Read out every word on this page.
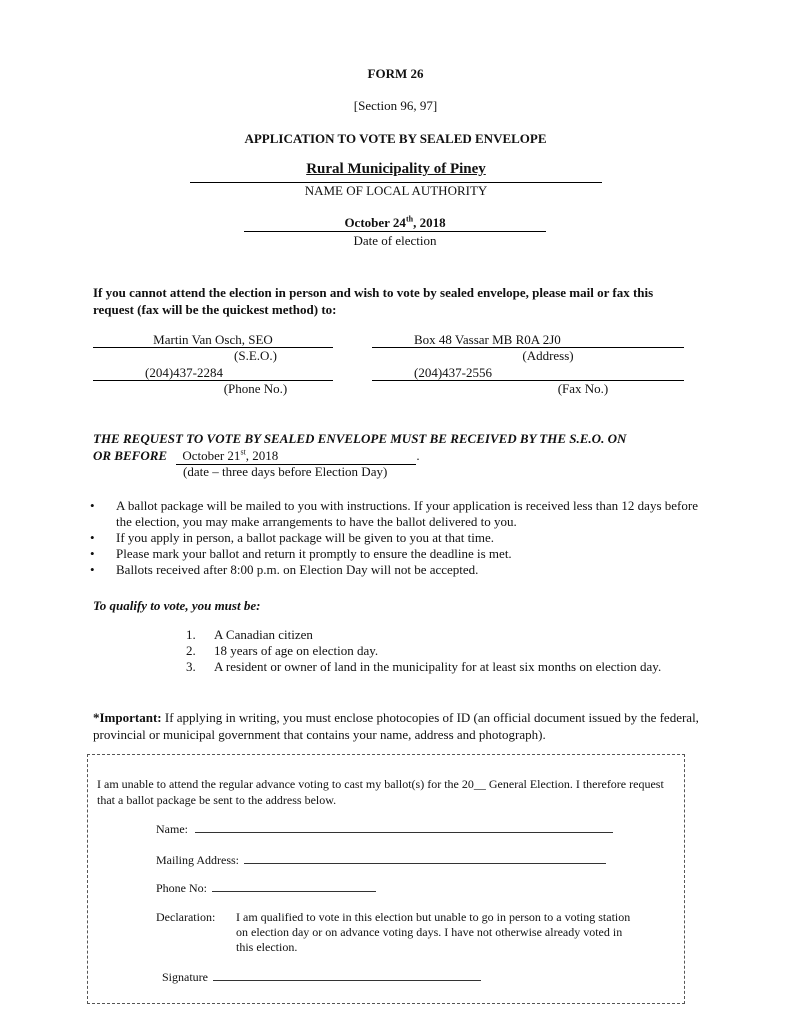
FORM 26
[Section 96, 97]
APPLICATION TO VOTE BY SEALED ENVELOPE
Rural Municipality of Piney
NAME OF LOCAL AUTHORITY
October 24th, 2018
Date of election
If you cannot attend the election in person and wish to vote by sealed envelope, please mail or fax this request (fax will be the quickest method) to:
Martin Van Osch, SEO
(S.E.O.)
Box 48 Vassar MB R0A 2J0
(Address)
(204)437-2284
(Phone No.)
(204)437-2556
(Fax No.)
THE REQUEST TO VOTE BY SEALED ENVELOPE MUST BE RECEIVED BY THE S.E.O. ON
OR BEFORE October 21st, 2018	.
(date – three days before Election Day)
• A ballot package will be mailed to you with instructions. If your application is received less than 12 days before the election, you may make arrangements to have the ballot delivered to you.
• If you apply in person, a ballot package will be given to you at that time.
• Please mark your ballot and return it promptly to ensure the deadline is met.
• Ballots received after 8:00 p.m. on Election Day will not be accepted.
To qualify to vote, you must be:
1. A Canadian citizen
2. 18 years of age on election day.
3. A resident or owner of land in the municipality for at least six months on election day.
*Important: If applying in writing, you must enclose photocopies of ID (an official document issued by the federal, provincial or municipal government that contains your name, address and photograph).
I am unable to attend the regular advance voting to cast my ballot(s) for the 20__ General Election. I therefore request that a ballot package be sent to the address below.
Name:
Mailing Address:
Phone No:
Declaration: I am qualified to vote in this election but unable to go in person to a voting station on election day or on advance voting days. I have not otherwise already voted in this election.
Signature
